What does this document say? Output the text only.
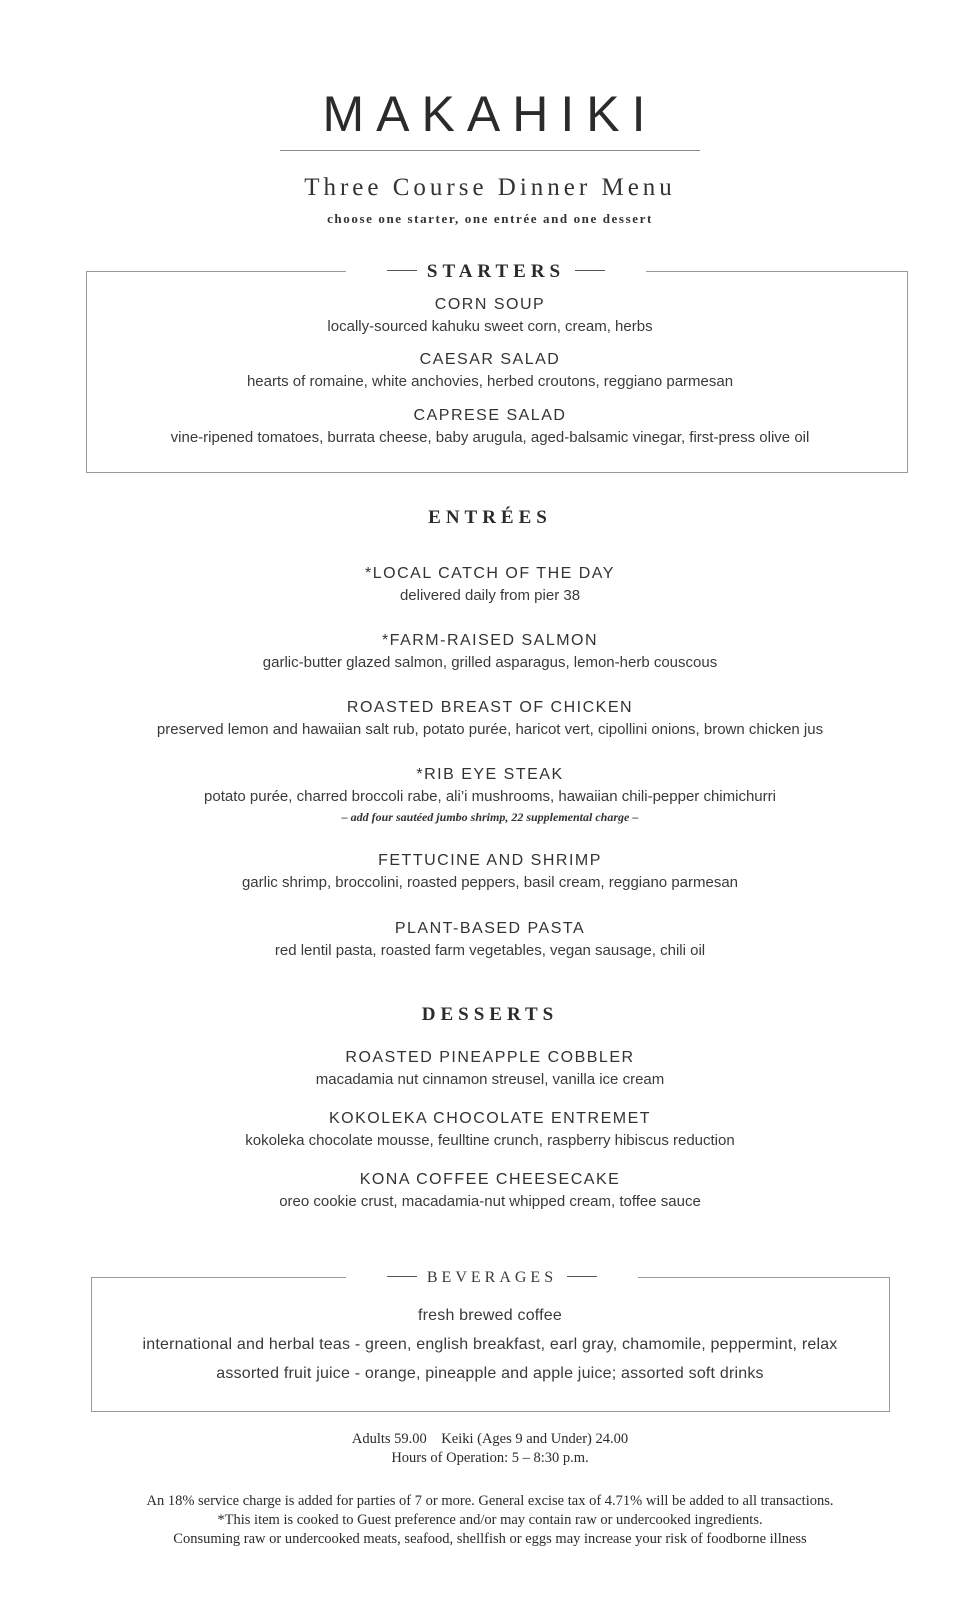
MAKAHIKI
Three Course Dinner Menu
choose one starter, one entrée and one dessert
STARTERS
CORN SOUP
locally-sourced kahuku sweet corn, cream, herbs
CAESAR SALAD
hearts of romaine, white anchovies, herbed croutons, reggiano parmesan
CAPRESE SALAD
vine-ripened tomatoes, burrata cheese, baby arugula, aged-balsamic vinegar, first-press olive oil
ENTRÉES
*LOCAL CATCH OF THE DAY
delivered daily from pier 38
*FARM-RAISED SALMON
garlic-butter glazed salmon, grilled asparagus, lemon-herb couscous
ROASTED BREAST OF CHICKEN
preserved lemon and hawaiian salt rub, potato purée, haricot vert, cipollini onions, brown chicken jus
*RIB EYE STEAK
potato purée, charred broccoli rabe, ali’i mushrooms, hawaiian chili-pepper chimichurri
– add four sautéed jumbo shrimp, 22 supplemental charge –
FETTUCINE AND SHRIMP
garlic shrimp, broccolini, roasted peppers, basil cream, reggiano parmesan
PLANT-BASED PASTA
red lentil pasta, roasted farm vegetables, vegan sausage, chili oil
DESSERTS
ROASTED PINEAPPLE COBBLER
macadamia nut cinnamon streusel, vanilla ice cream
KOKOLEKA CHOCOLATE ENTREMET
kokoleka chocolate mousse, feulltine crunch, raspberry hibiscus reduction
KONA COFFEE CHEESECAKE
oreo cookie crust, macadamia-nut whipped cream, toffee sauce
BEVERAGES
fresh brewed coffee
international and herbal teas - green, english breakfast, earl gray, chamomile, peppermint, relax
assorted fruit juice - orange, pineapple and apple juice; assorted soft drinks
Adults 59.00 Keiki (Ages 9 and Under) 24.00
Hours of Operation: 5 – 8:30 p.m.
An 18% service charge is added for parties of 7 or more. General excise tax of 4.71% will be added to all transactions.
*This item is cooked to Guest preference and/or may contain raw or undercooked ingredients.
Consuming raw or undercooked meats, seafood, shellfish or eggs may increase your risk of foodborne illness
